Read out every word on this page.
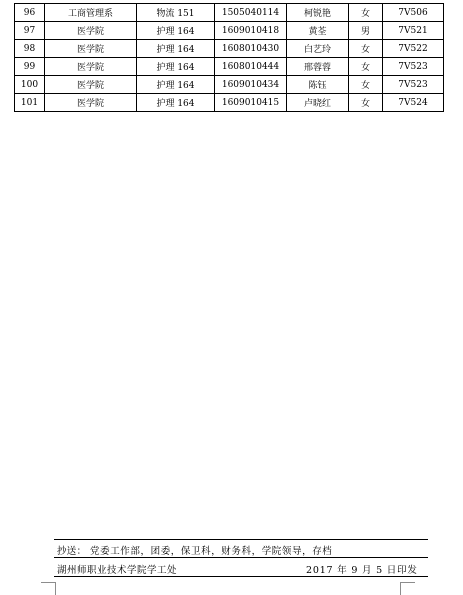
96	工商管理系	物流 151	1505040114	柯锐艳	女	7V506
97	医学院	护理 164	1609010418	黄荃	男	7V521
98	医学院	护理 164	1608010430	白艺玲	女	7V522
99	医学院	护理 164	1608010444	邢蓉蓉	女	7V523
100	医学院	护理 164	1609010434	陈钰	女	7V523
101	医学院	护理 164	1609010415	卢晓红	女	7V524
抄送： 党委工作部，团委，保卫科，财务科，学院领导，存档
湖州师职业技术学院学工处	2017 年 9 月 5 日印发
